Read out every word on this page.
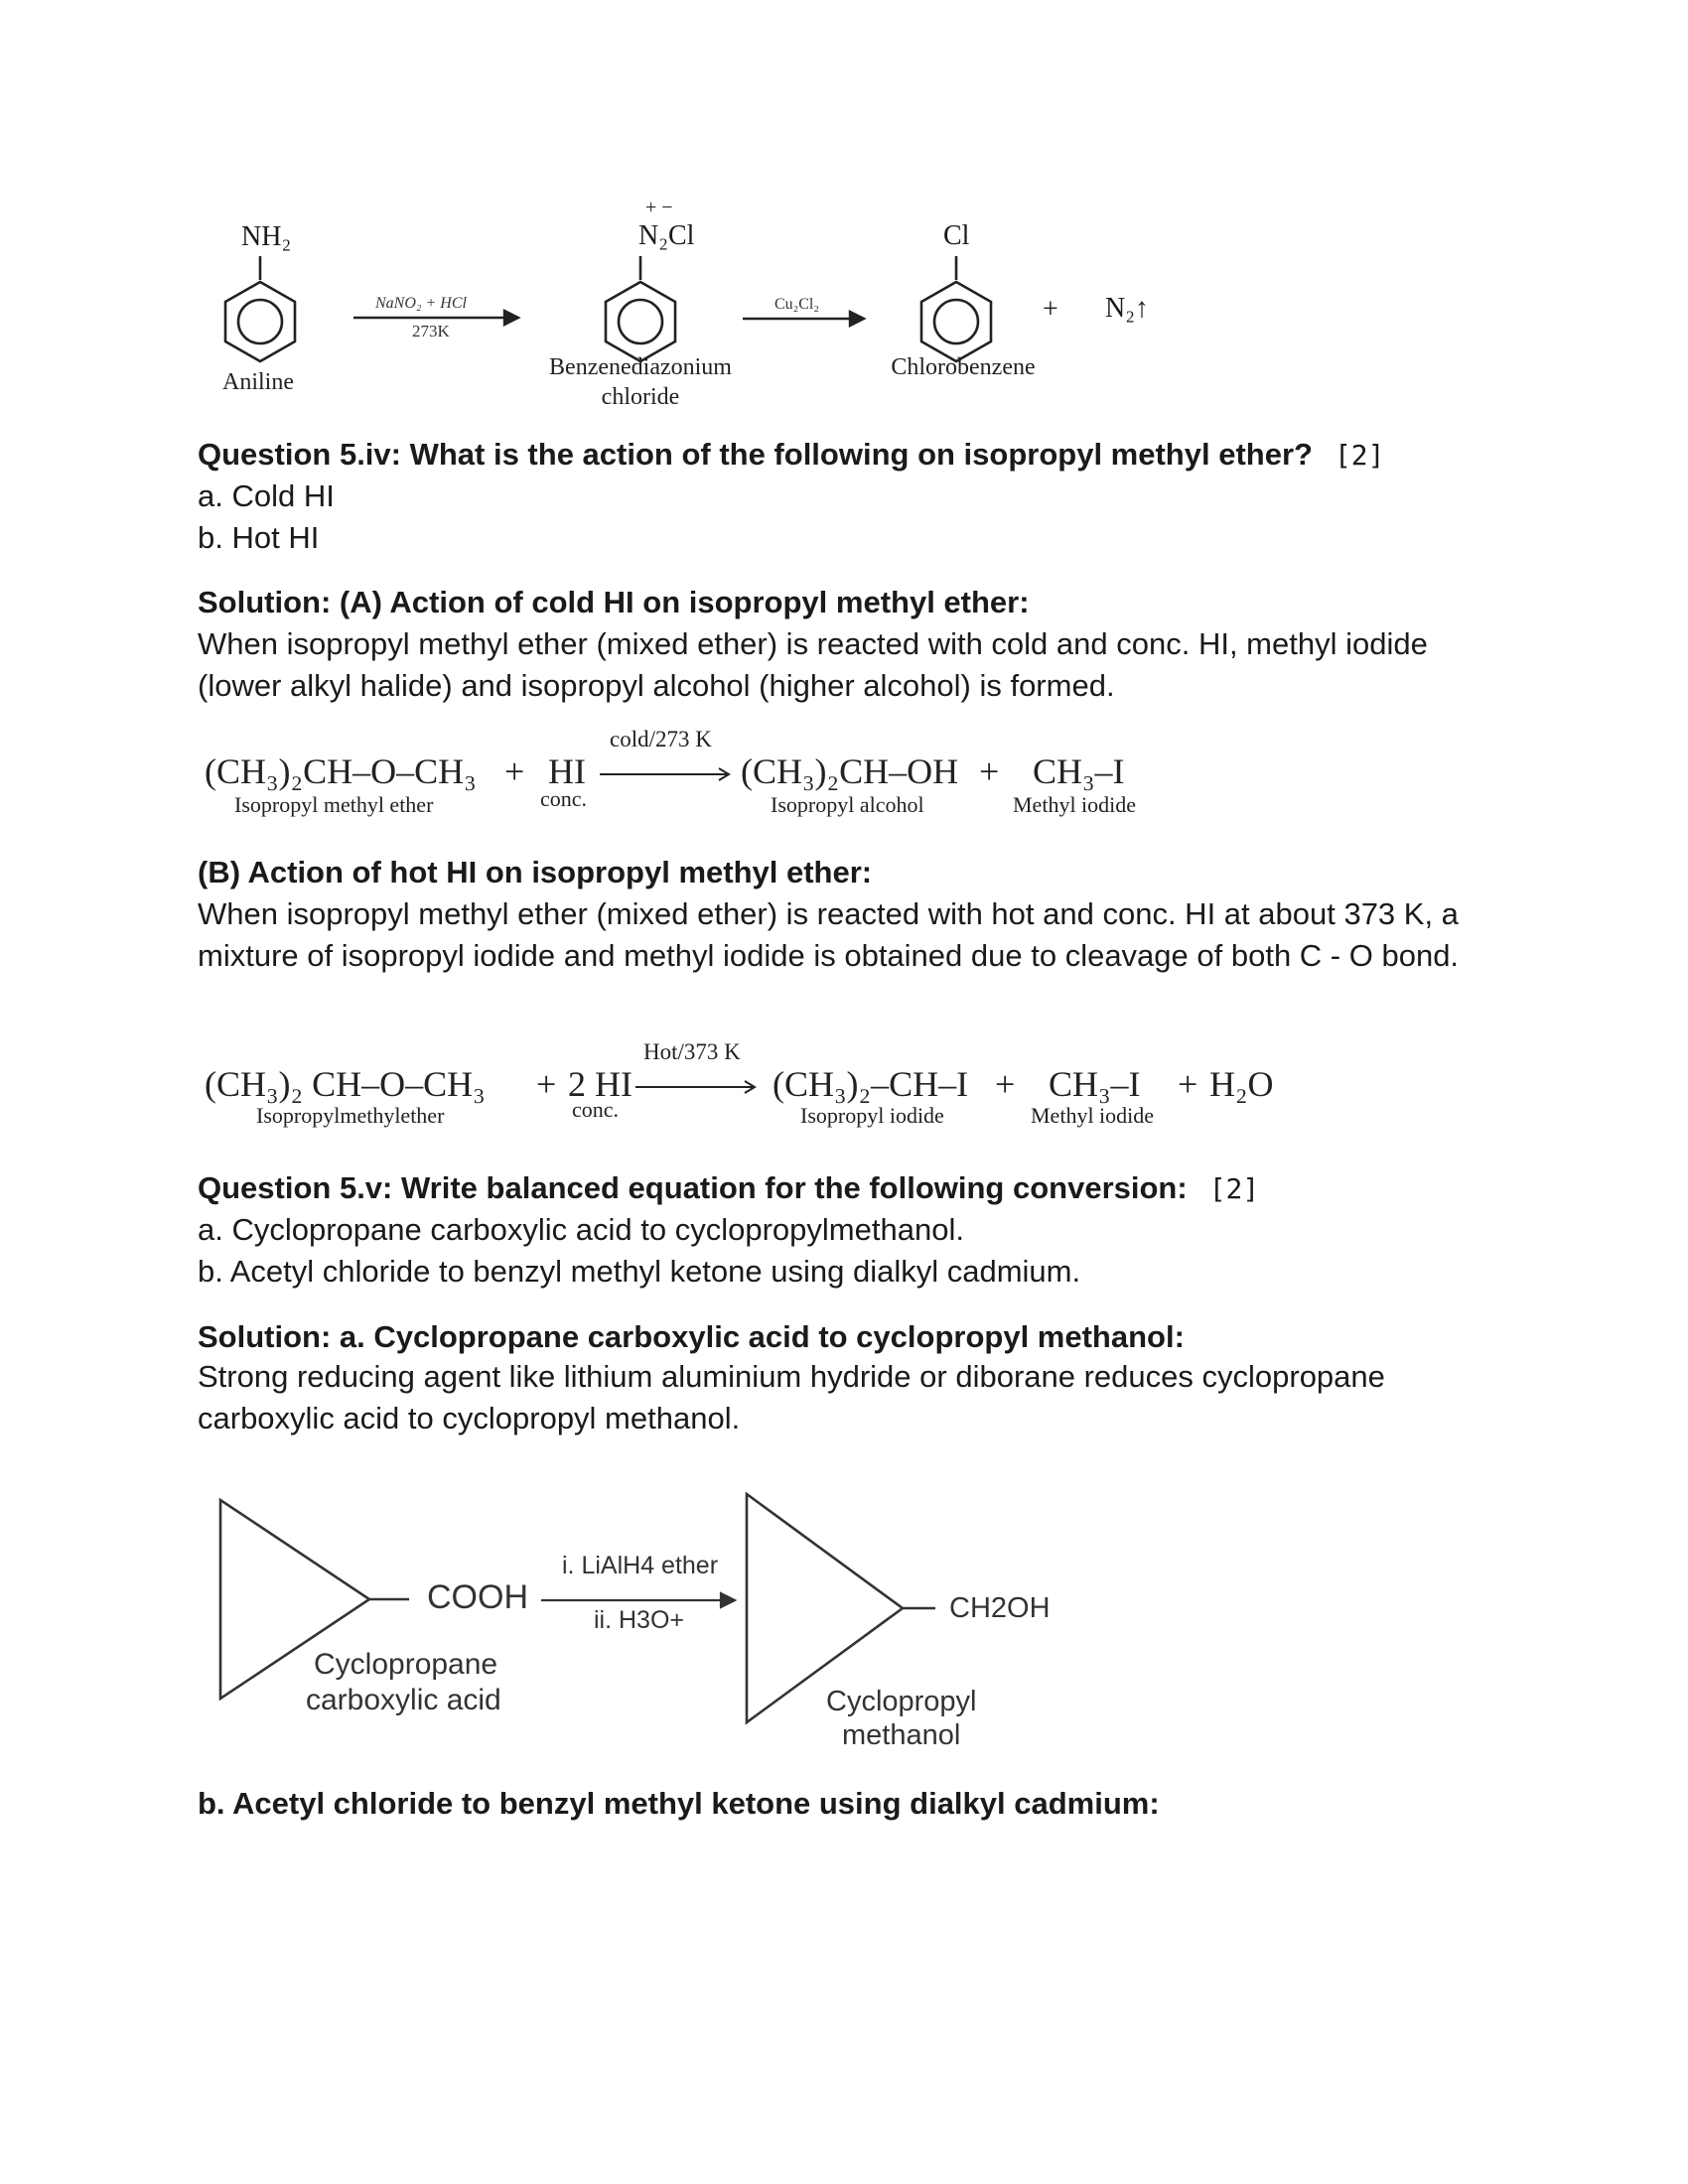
NH₂
Aniline
NaNO₂ + HCl
273K
+ −
N₂Cl
Benzenediazonium
chloride
Cu₂Cl₂
Cl
Chlorobenzene
+ N₂↑
Question 5.iv: What is the action of the following on isopropyl methyl ether? [2]
a. Cold HI
b. Hot HI
Solution: (A) Action of cold HI on isopropyl methyl ether:
When isopropyl methyl ether (mixed ether) is reacted with cold and conc. HI, methyl iodide (lower alkyl halide) and isopropyl alcohol (higher alcohol) is formed.
(CH₃)₂CH–O–CH₃
Isopropyl methyl ether
+ HI
conc.
cold/273 K
(CH₃)₂CH–OH
Isopropyl alcohol
+ CH₃–I
Methyl iodide
(B) Action of hot HI on isopropyl methyl ether:
When isopropyl methyl ether (mixed ether) is reacted with hot and conc. HI at about 373 K, a mixture of isopropyl iodide and methyl iodide is obtained due to cleavage of both C - O bond.
(CH₃)₂ CH–O–CH₃
Isopropylmethylether
+ 2 HI
conc.
Hot/373 K
(CH₃)₂–CH–I
Isopropyl iodide
+ CH₃–I
Methyl iodide
+ H₂O
Question 5.v: Write balanced equation for the following conversion: [2]
a. Cyclopropane carboxylic acid to cyclopropylmethanol.
b. Acetyl chloride to benzyl methyl ketone using dialkyl cadmium.
Solution: a. Cyclopropane carboxylic acid to cyclopropyl methanol:
Strong reducing agent like lithium aluminium hydride or diborane reduces cyclopropane carboxylic acid to cyclopropyl methanol.
COOH
Cyclopropane
carboxylic acid
i. LiAlH4 ether
ii. H3O+	CH2OH
Cyclopropyl
methanol
b. Acetyl chloride to benzyl methyl ketone using dialkyl cadmium:
